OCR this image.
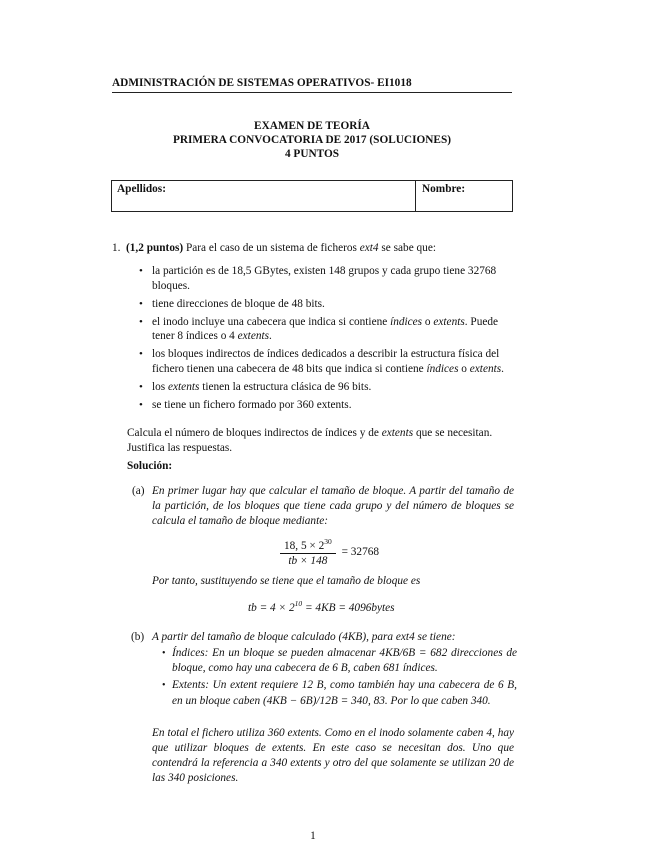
ADMINISTRACIÓN DE SISTEMAS OPERATIVOS- EI1018
EXAMEN DE TEORÍA
PRIMERA CONVOCATORIA DE 2017 (SOLUCIONES)
4 PUNTOS
Apellidos:	Nombre:
1. (1,2 puntos) Para el caso de un sistema de ficheros ext4 se sabe que:
• la partición es de 18,5 GBytes, existen 148 grupos y cada grupo tiene 32768 bloques.
• tiene direcciones de bloque de 48 bits.
• el inodo incluye una cabecera que indica si contiene índices o extents. Puede tener 8 índices o 4 extents.
• los bloques indirectos de índices dedicados a describir la estructura física del fichero tienen una cabecera de 48 bits que indica si contiene índices o extents.
• los extents tienen la estructura clásica de 96 bits.
• se tiene un fichero formado por 360 extents.
Calcula el número de bloques indirectos de índices y de extents que se necesitan. Justifica las respuestas.
Solución:
(a) En primer lugar hay que calcular el tamaño de bloque. A partir del tamaño de la partición, de los bloques que tiene cada grupo y del número de bloques se calcula el tamaño de bloque mediante:
$\frac{18, 5 \times 2^{30}}{tb \times 148} = 32768$
Por tanto, sustituyendo se tiene que el tamaño de bloque es
tb = $4 \times 2^{10} = 4KB$ = 4096bytes
(b) A partir del tamaño de bloque calculado (4KB), para ext4 se tiene:
• Índices: En un bloque se pueden almacenar 4KB/6B = 682 direcciones de bloque, como hay una cabecera de 6 B, caben 681 índices.
• Extents: Un extent requiere 12 B, como también hay una cabecera de 6 B, en un bloque caben (4KB − 6B)/12B = 340, 83. Por lo que caben 340.
En total el fichero utiliza 360 extents. Como en el inodo solamente caben 4, hay que utilizar bloques de extents. En este caso se necesitan dos. Uno que contendrá la referencia a 340 extents y otro del que solamente se utilizan 20 de las 340 posiciones.
1
